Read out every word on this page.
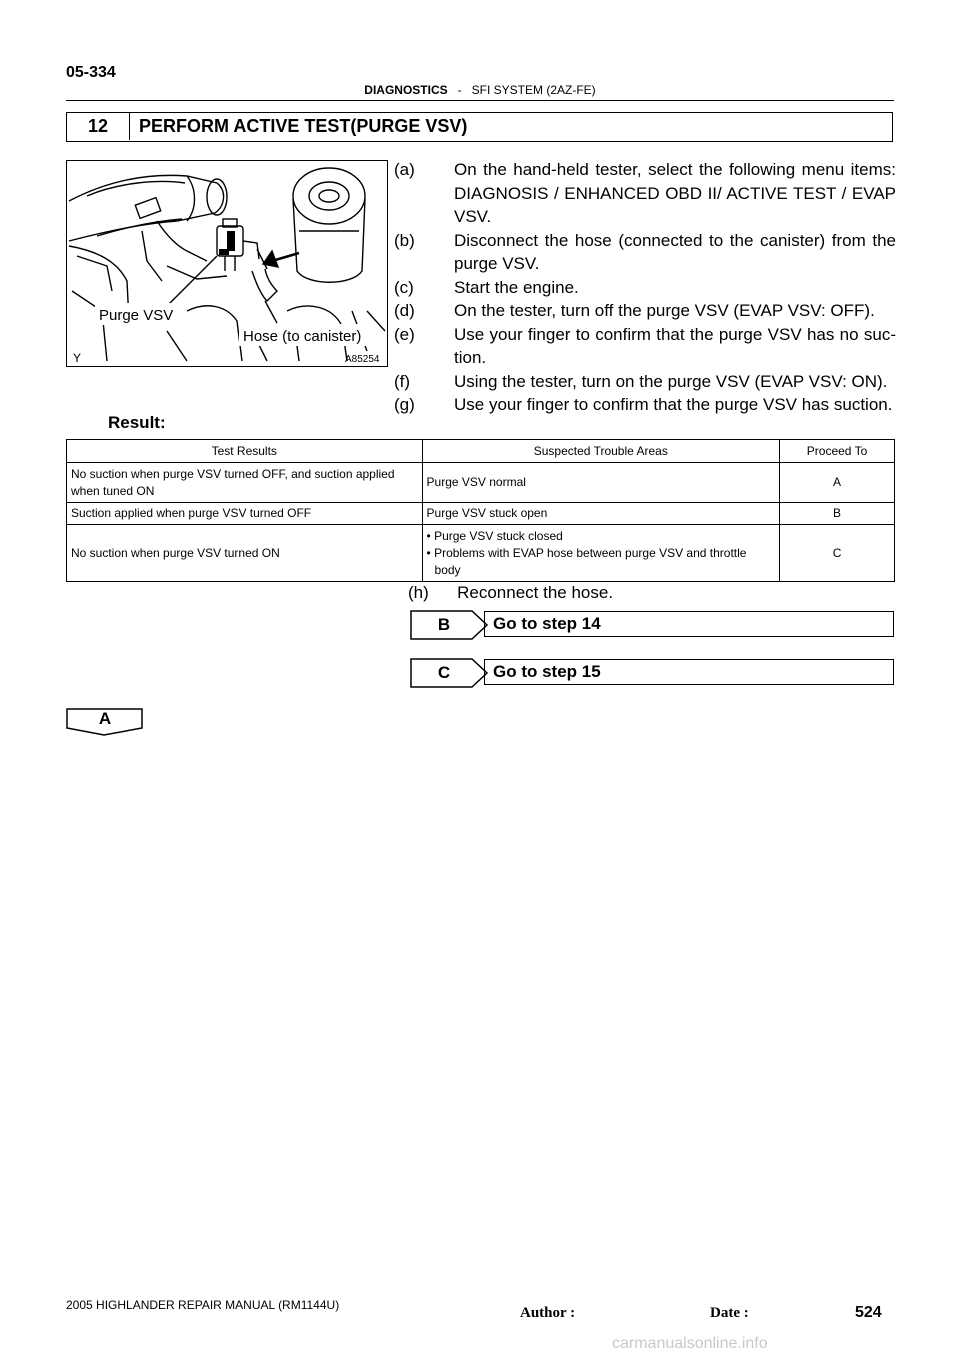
05-334
DIAGNOSTICS - SFI SYSTEM (2AZ-FE)
12	PERFORM ACTIVE TEST(PURGE VSV)
Purge VSV
Hose (to canister)
Y	A85254

(a) On the hand-held tester, select the following menu items: DIAGNOSIS / ENHANCED OBD II/ ACTIVE TEST / EVAP VSV.

(b) Disconnect the hose (connected to the canister) from the purge VSV.

(c) Start the engine.

(d) On the tester, turn off the purge VSV (EVAP VSV: OFF).

(e) Use your finger to confirm that the purge VSV has no suc- tion.

(f)	Using the tester, turn on the purge VSV (EVAP VSV: ON).

(g) Use your finger to confirm that the purge VSV has suction.

Result:
Test Results	Suspected Trouble Areas	Proceed To
No suction when purge VSV turned OFF, and suction applied when tuned ON	Purge VSV normal	A
Suction applied when purge VSV turned OFF	Purge VSV stuck open	B
No suction when purge VSV turned ON	• Purge VSV stuck closed
• Problems with EVAP hose between purge VSV and throttle body	C
(h) Reconnect the hose.
B	Go to step 14
C	Go to step 15
A
2005 HIGHLANDER REPAIR MANUAL (RM1144U)	Author :	Date :	524
carmanualsonline.info
